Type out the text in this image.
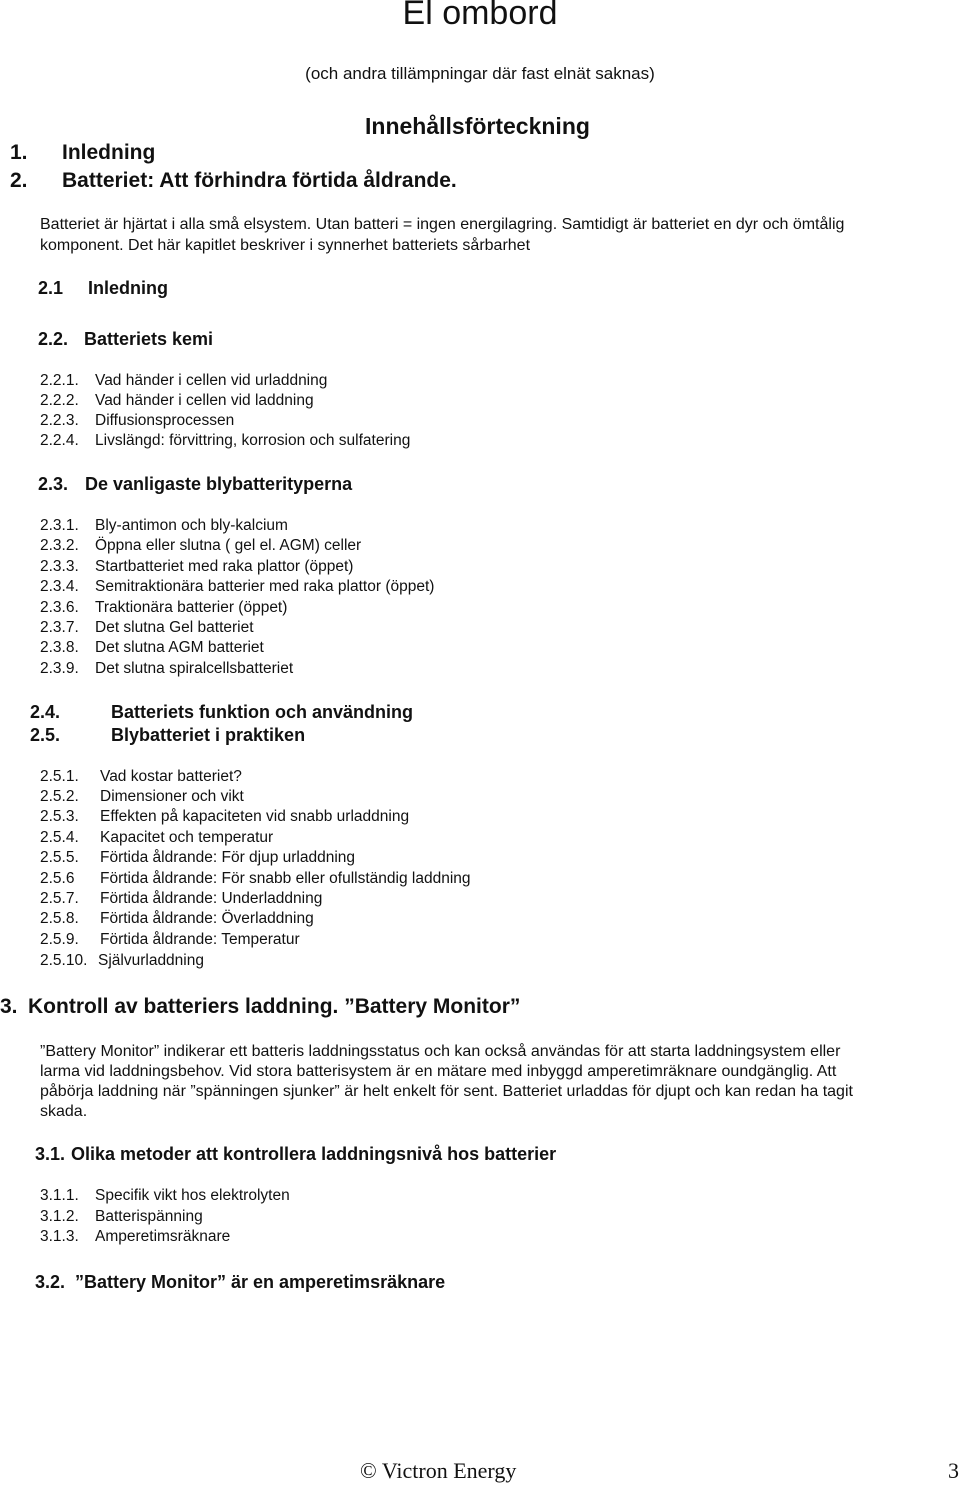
El ombord
(och andra tillämpningar där fast elnät saknas)
Innehållsförteckning
1. Inledning
2. Batteriet: Att förhindra förtida åldrande.
Batteriet är hjärtat i alla små elsystem. Utan batteri = ingen energilagring. Samtidigt är batteriet en dyr och ömtålig
komponent. Det här kapitlet beskriver i synnerhet batteriets sårbarhet
2.1 Inledning
2.2. Batteriets kemi
2.2.1. Vad händer i cellen vid urladdning
2.2.2. Vad händer i cellen vid laddning
2.2.3. Diffusionsprocessen
2.2.4. Livslängd: förvittring, korrosion och sulfatering
2.3. De vanligaste blybatterityperna
2.3.1. Bly-antimon och bly-kalcium
2.3.2. Öppna eller slutna ( gel el. AGM) celler
2.3.3. Startbatteriet med raka plattor (öppet)
2.3.4. Semitraktionära batterier med raka plattor (öppet)
2.3.6. Traktionära batterier (öppet)
2.3.7. Det slutna Gel batteriet
2.3.8. Det slutna AGM batteriet
2.3.9. Det slutna spiralcellsbatteriet
2.4.	Batteriets funktion och användning
2.5.	Blybatteriet i praktiken
2.5.1. Vad kostar batteriet?
2.5.2. Dimensioner och vikt
2.5.3. Effekten på kapaciteten vid snabb urladdning
2.5.4. Kapacitet och temperatur
2.5.5. Förtida åldrande: För djup urladdning
2.5.6 Förtida åldrande: För snabb eller ofullständig laddning
2.5.7. Förtida åldrande: Underladdning
2.5.8. Förtida åldrande: Överladdning
2.5.9. Förtida åldrande: Temperatur
2.5.10. Självurladdning
3. Kontroll av batteriers laddning. ”Battery Monitor”
”Battery Monitor” indikerar ett batteris laddningsstatus och kan också användas för att starta laddningsystem eller
larma vid laddningsbehov. Vid stora batterisystem är en mätare med inbyggd amperetimräknare oundgänglig. Att
påbörja laddning när ”spänningen sjunker” är helt enkelt för sent. Batteriet urladdas för djupt och kan redan ha tagit
skada.
3.1. Olika metoder att kontrollera laddningsnivå hos batterier
3.1.1. Specifik vikt hos elektrolyten
3.1.2. Batterispänning
3.1.3. Amperetimsräknare
3.2. ”Battery Monitor” är en amperetimsräknare
© Victron Energy	3
